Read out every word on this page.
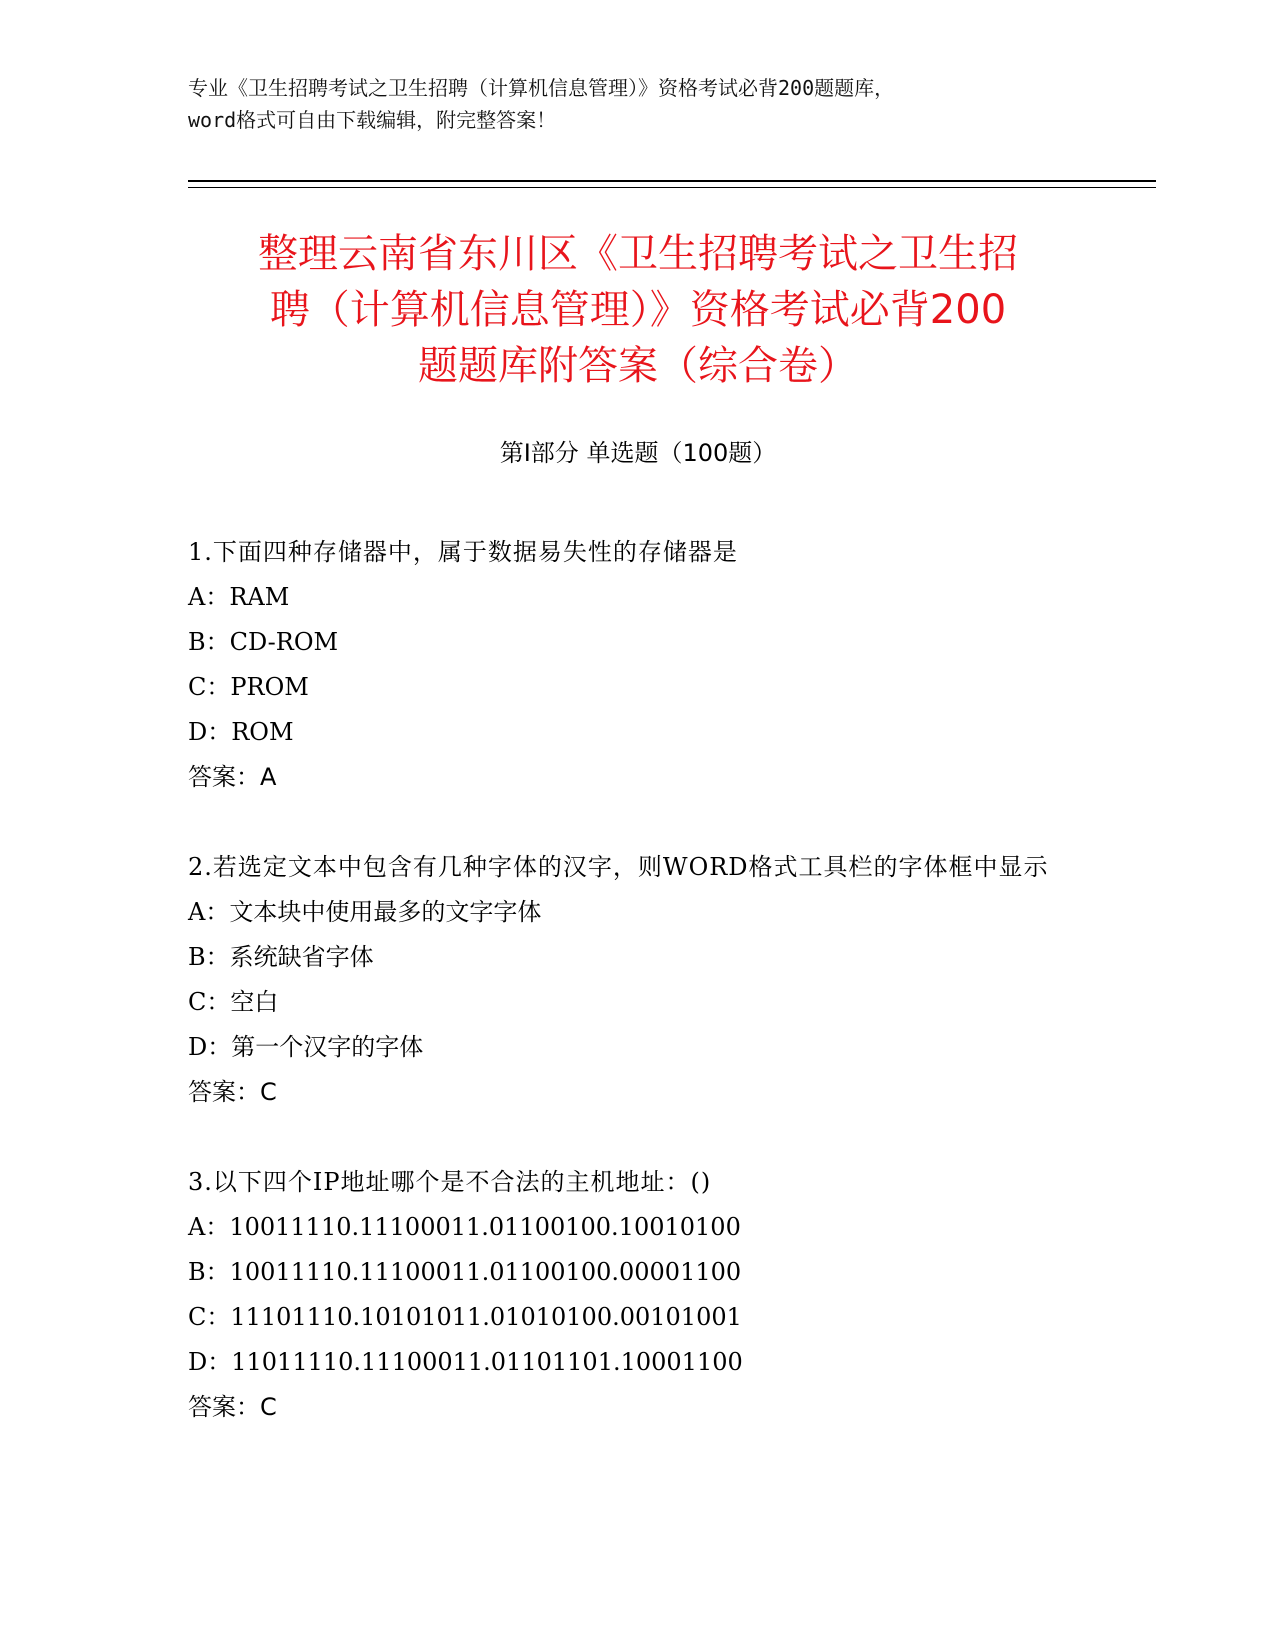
专业《卫生招聘考试之卫生招聘（计算机信息管理）》资格考试必背200题题库，
word格式可自由下载编辑，附完整答案！
整理云南省东川区《卫生招聘考试之卫生招
聘（计算机信息管理）》资格考试必背200
题题库附答案（综合卷）
第Ⅰ部分 单选题（100题）
1.下面四种存储器中，属于数据易失性的存储器是
A：RAM
B：CD-ROM
C：PROM
D：ROM
答案：A
2.若选定文本中包含有几种字体的汉字，则WORD格式工具栏的字体框中显示
A：文本块中使用最多的文字字体
B：系统缺省字体
C：空白
D：第一个汉字的字体
答案：C
3.以下四个IP地址哪个是不合法的主机地址：()
A：10011110.11100011.01100100.10010100
B：10011110.11100011.01100100.00001100
C：11101110.10101011.01010100.00101001
D：11011110.11100011.01101101.10001100
答案：C
